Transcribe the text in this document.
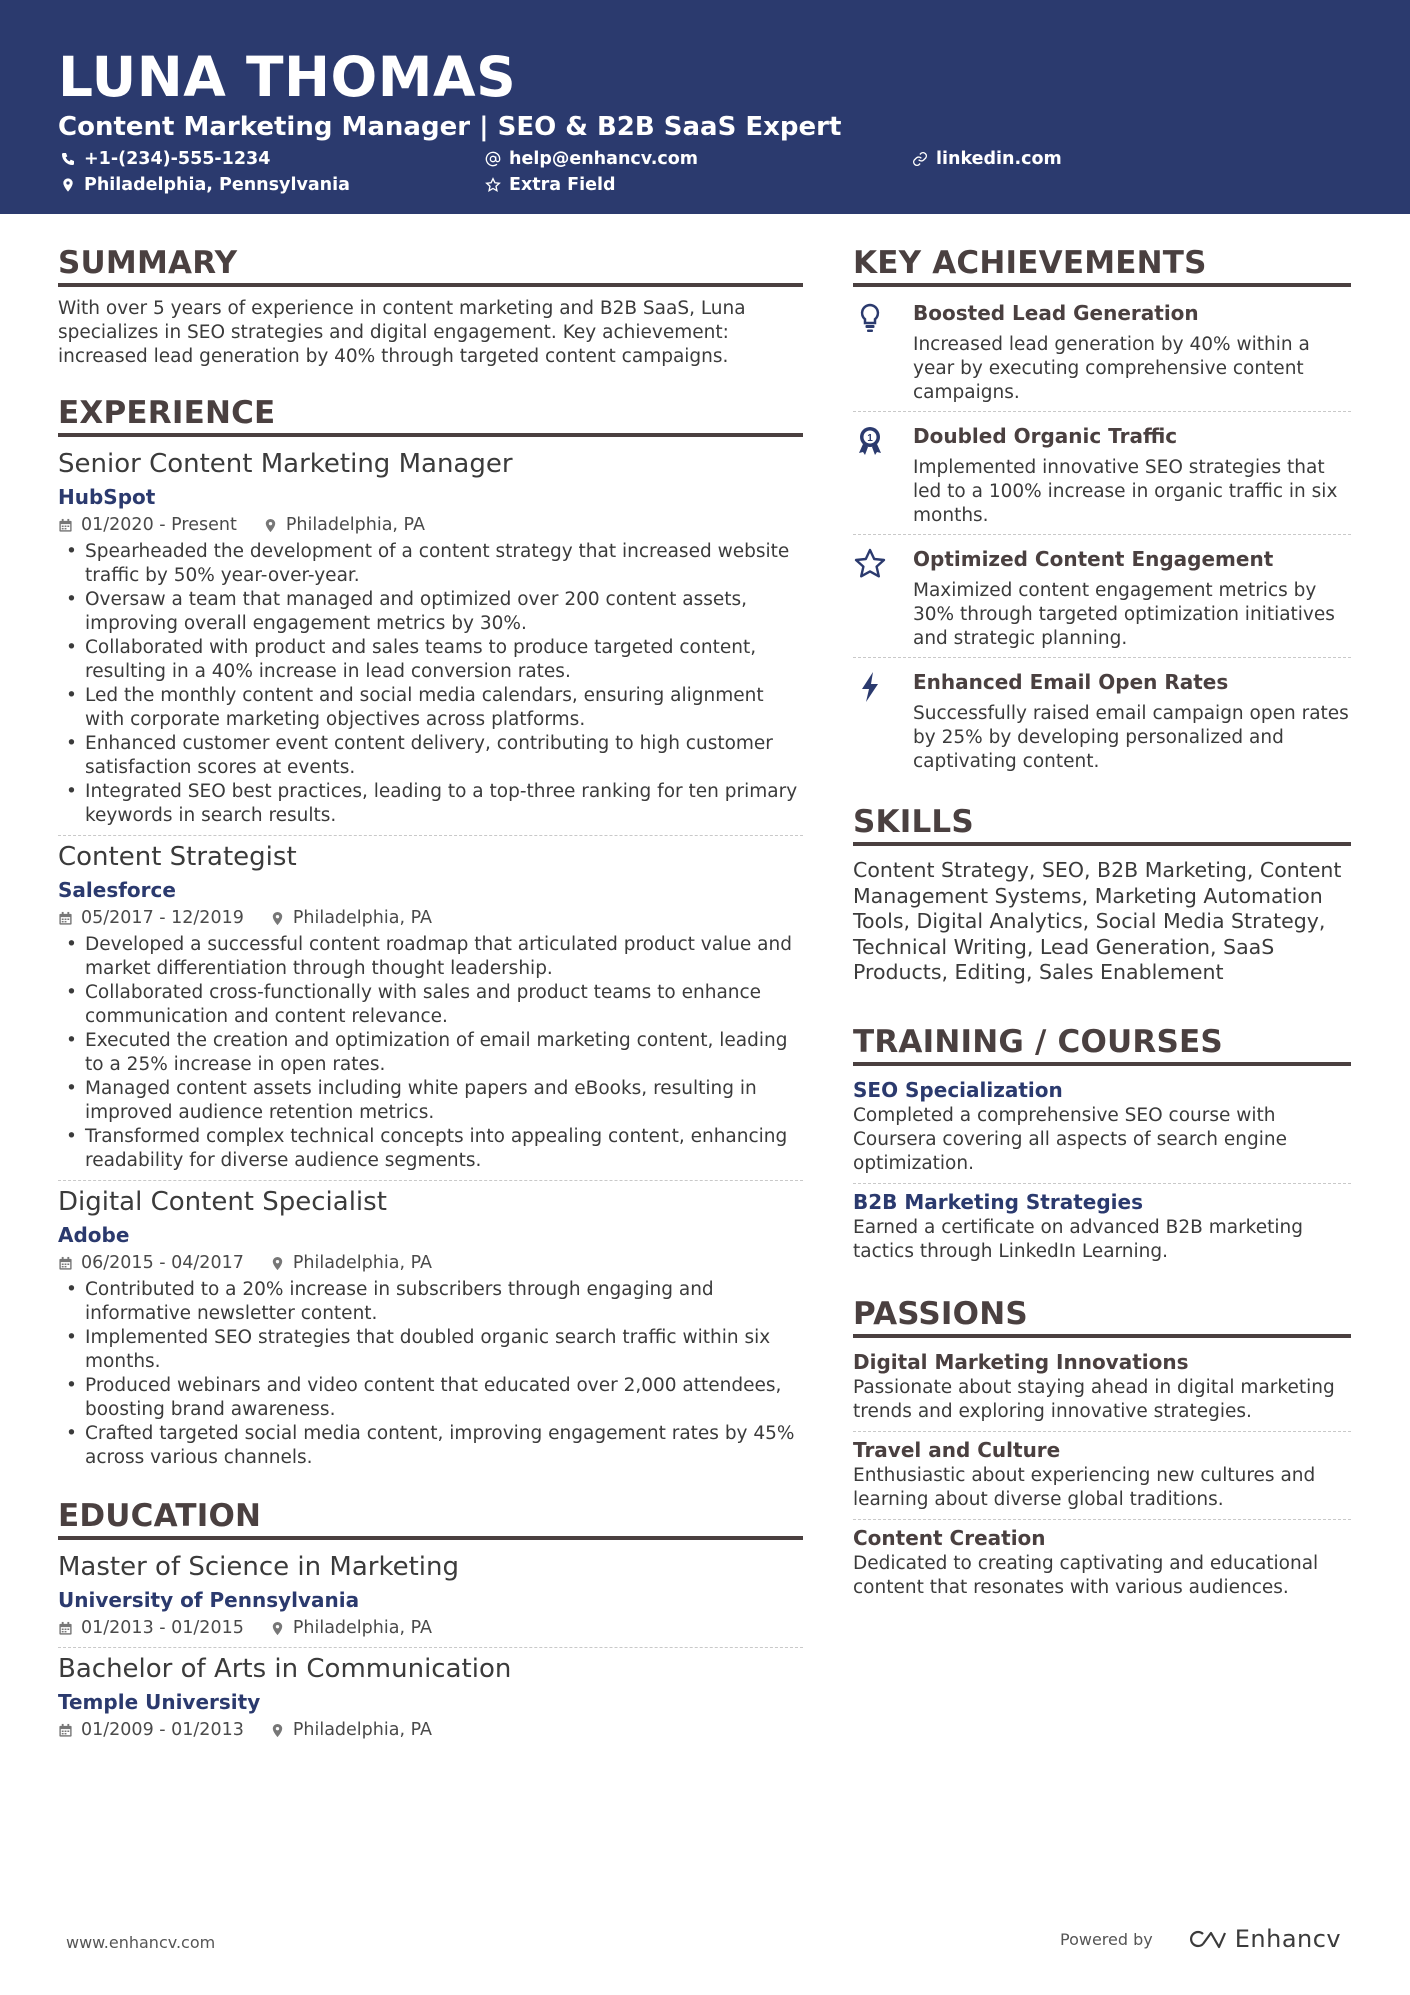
LUNA THOMAS
Content Marketing Manager | SEO & B2B SaaS Expert
+1-(234)-555-1234	help@enhancv.com	linkedin.com
Philadelphia, Pennsylvania	Extra Field
SUMMARY
With over 5 years of experience in content marketing and B2B SaaS, Luna specializes in SEO strategies and digital engagement. Key achievement: increased lead generation by 40% through targeted content campaigns.
EXPERIENCE
Senior Content Marketing Manager
HubSpot
01/2020 - Present	Philadelphia, PA
• Spearheaded the development of a content strategy that increased website traffic by 50% year-over-year.
• Oversaw a team that managed and optimized over 200 content assets, improving overall engagement metrics by 30%.
• Collaborated with product and sales teams to produce targeted content, resulting in a 40% increase in lead conversion rates.
• Led the monthly content and social media calendars, ensuring alignment with corporate marketing objectives across platforms.
• Enhanced customer event content delivery, contributing to high customer satisfaction scores at events.
• Integrated SEO best practices, leading to a top-three ranking for ten primary keywords in search results.
Content Strategist
Salesforce
05/2017 - 12/2019	Philadelphia, PA
• Developed a successful content roadmap that articulated product value and market differentiation through thought leadership.
• Collaborated cross-functionally with sales and product teams to enhance communication and content relevance.
• Executed the creation and optimization of email marketing content, leading to a 25% increase in open rates.
• Managed content assets including white papers and eBooks, resulting in improved audience retention metrics.
• Transformed complex technical concepts into appealing content, enhancing readability for diverse audience segments.
Digital Content Specialist
Adobe
06/2015 - 04/2017	Philadelphia, PA
• Contributed to a 20% increase in subscribers through engaging and informative newsletter content.
• Implemented SEO strategies that doubled organic search traffic within six months.
• Produced webinars and video content that educated over 2,000 attendees, boosting brand awareness.
• Crafted targeted social media content, improving engagement rates by 45% across various channels.
EDUCATION
Master of Science in Marketing
University of Pennsylvania
01/2013 - 01/2015	Philadelphia, PA
Bachelor of Arts in Communication
Temple University
01/2009 - 01/2013	Philadelphia, PA
KEY ACHIEVEMENTS
Boosted Lead Generation
Increased lead generation by 40% within a year by executing comprehensive content campaigns.
1 Doubled Organic Traffic
Implemented innovative SEO strategies that led to a 100% increase in organic traffic in six months.
Optimized Content Engagement
Maximized content engagement metrics by 30% through targeted optimization initiatives and strategic planning.
Enhanced Email Open Rates
Successfully raised email campaign open rates by 25% by developing personalized and captivating content.
SKILLS
Content Strategy, SEO, B2B Marketing, Content Management Systems, Marketing Automation Tools, Digital Analytics, Social Media Strategy, Technical Writing, Lead Generation, SaaS Products, Editing, Sales Enablement
TRAINING / COURSES
SEO Specialization
Completed a comprehensive SEO course with Coursera covering all aspects of search engine optimization.
B2B Marketing Strategies
Earned a certificate on advanced B2B marketing tactics through LinkedIn Learning.
PASSIONS
Digital Marketing Innovations
Passionate about staying ahead in digital marketing trends and exploring innovative strategies.
Travel and Culture
Enthusiastic about experiencing new cultures and learning about diverse global traditions.
Content Creation
Dedicated to creating captivating and educational content that resonates with various audiences.
www.enhancv.com	Powered by	Enhancv
